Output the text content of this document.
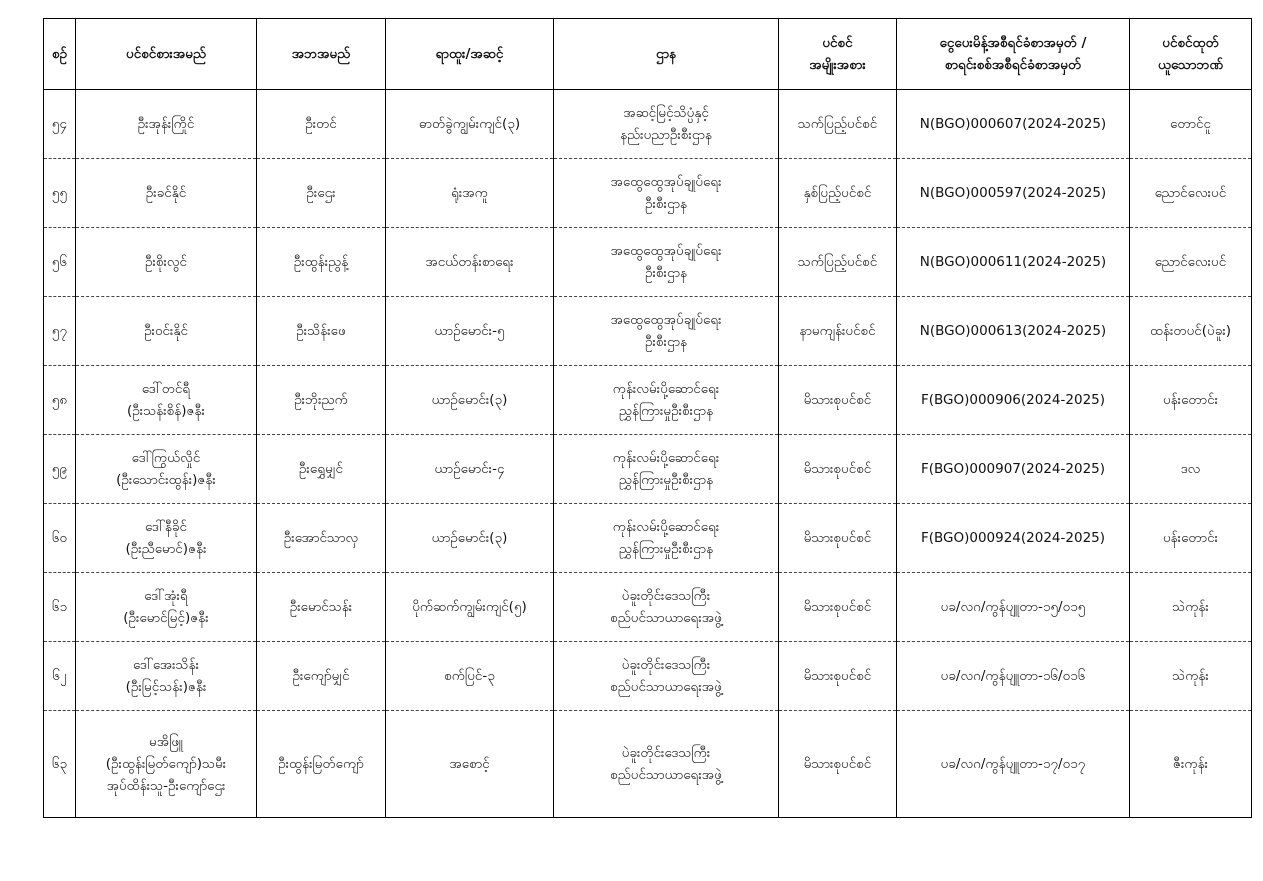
စဉ်	ပင်စင်စားအမည်	အဘအမည်	ရာထူး/အဆင့်	ဌာန	ပင်စင်
အမျိုးအစား	ငွေပေးမိန့်အစီရင်ခံစာအမှတ် /
စာရင်းစစ်အစီရင်ခံစာအမှတ်	ပင်စင်ထုတ်
ယူသောဘဏ်

၅၄	ဦးအုန်းကြိုင်	ဦးတင်	ဓာတ်ခွဲကျွမ်းကျင်(၃)	အဆင့်မြင့်သိပ္ပံနှင့်
နည်းပညာဦးစီးဌာန	သက်ပြည့်ပင်စင်	N(BGO)000607(2024-2025)	တောင်ငူ
၅၅	ဦးခင်နိုင်	ဦးဌေး	ရုံးအကူ	အထွေထွေအုပ်ချုပ်ရေး
ဦးစီးဌာန	နှစ်ပြည့်ပင်စင်	N(BGO)000597(2024-2025)	ညောင်လေးပင်
၅၆	ဦးစိုးလွင်	ဦးထွန်းညွန့်	အငယ်တန်းစာရေး	အထွေထွေအုပ်ချုပ်ရေး
ဦးစီးဌာန	သက်ပြည့်ပင်စင်	N(BGO)000611(2024-2025)	ညောင်လေးပင်
၅၇	ဦးဝင်းနိုင်	ဦးသိန်းဖေ	ယာဉ်မောင်း-၅	အထွေထွေအုပ်ချုပ်ရေး
ဦးစီးဌာန	နာမကျန်းပင်စင်	N(BGO)000613(2024-2025)	ထန်းတပင်(ပဲခူး)
၅၈	ဒေါ်တင်ရီ
(ဦးသန်းစိန်)ဇနီး	ဦးဘိုးညက်	ယာဉ်မောင်း(၃)	ကုန်းလမ်းပို့ဆောင်ရေး
ညွှန်ကြားမှုဦးစီးဌာန	မိသားစုပင်စင်	F(BGO)000906(2024-2025)	ပန်းတောင်း
၅၉	ဒေါ်ကြွယ်လှိုင်
(ဦးသောင်းထွန်း)ဇနီး	ဦးရွှေမျှင်	ယာဉ်မောင်း-၄	ကုန်းလမ်းပို့ဆောင်ရေး
ညွှန်ကြားမှုဦးစီးဌာန	မိသားစုပင်စင်	F(BGO)000907(2024-2025)	ဒလ
၆၀	ဒေါ်နီခိုင်
(ဦးညီမောင်)ဇနီး	ဦးအောင်သာလှ	ယာဉ်မောင်း(၃)	ကုန်းလမ်းပို့ဆောင်ရေး
ညွှန်ကြားမှုဦးစီးဌာန	မိသားစုပင်စင်	F(BGO)000924(2024-2025)	ပန်းတောင်း
၆၁	ဒေါ်အုံးရီ
(ဦးမောင်မြင့်)ဇနီး	ဦးမောင်သန်း	ပိုက်ဆက်ကျွမ်းကျင်(၅)	ပဲခူးတိုင်းဒေသကြီး
စည်ပင်သာယာရေးအဖွဲ့	မိသားစုပင်စင်	ပခ/လဂ/ကွန်ပျူတာ-၁၅/၀၁၅	သဲကုန်း
၆၂	ဒေါ်အေးသိန်း
(ဦးမြင့်သန်း)ဇနီး	ဦးကျော်မျှင်	စက်ပြင်-၃	ပဲခူးတိုင်းဒေသကြီး
စည်ပင်သာယာရေးအဖွဲ့	မိသားစုပင်စင်	ပခ/လဂ/ကွန်ပျူတာ-၁၆/၀၁၆	သဲကုန်း
၆၃	မအိဖြူ
(ဦးထွန်းမြတ်ကျော်)သမီး
အုပ်ထိန်းသူ-ဦးကျော်ဌေး	ဦးထွန်းမြတ်ကျော်	အစောင့်	ပဲခူးတိုင်းဒေသကြီး
စည်ပင်သာယာရေးအဖွဲ့	မိသားစုပင်စင်	ပခ/လဂ/ကွန်ပျူတာ-၁၇/၀၁၇	ဇီးကုန်း
